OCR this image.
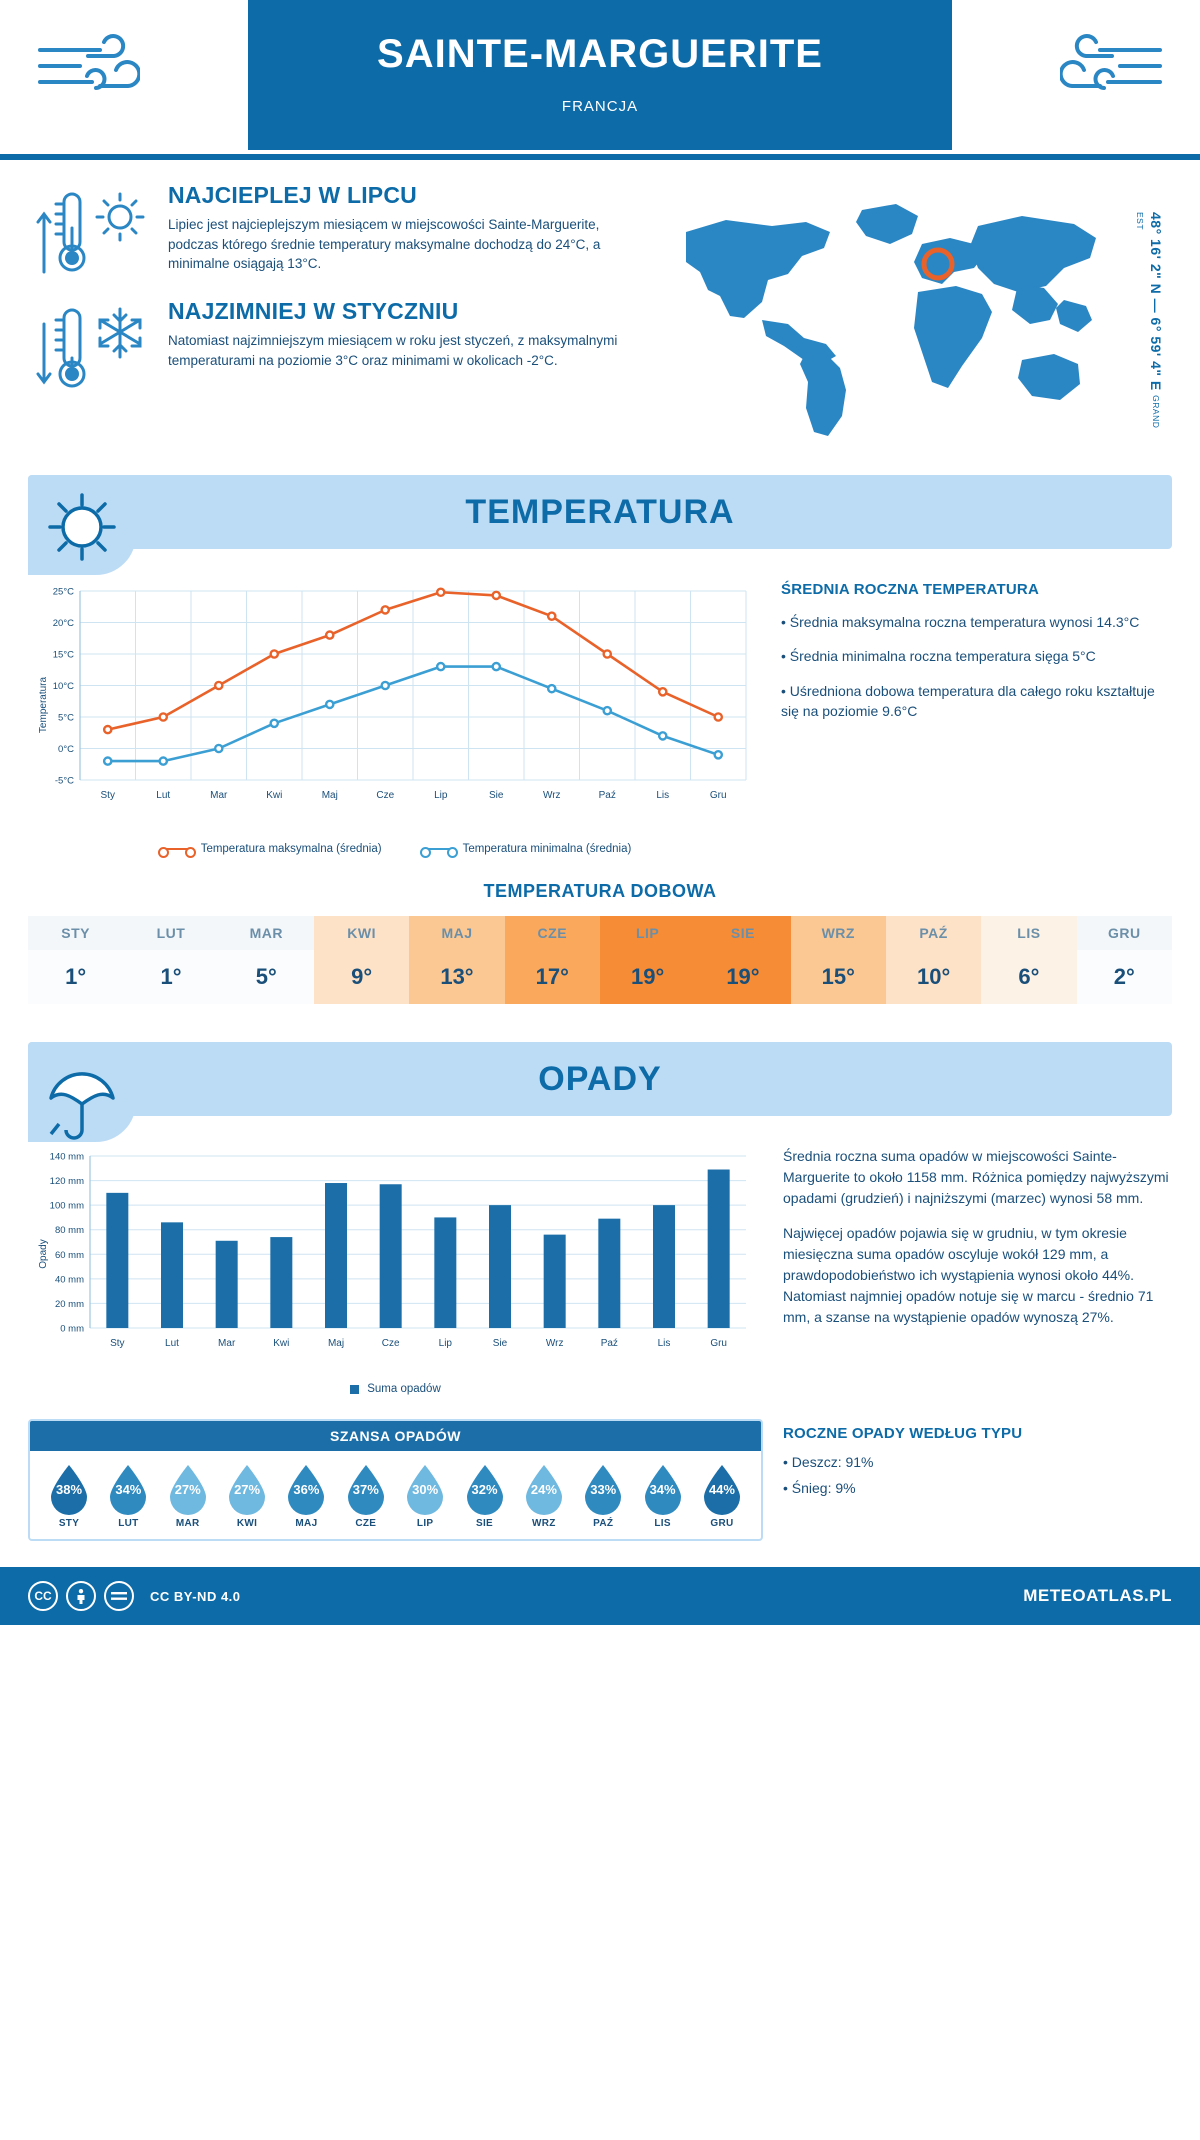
SAINTE-MARGUERITE
FRANCJA
NAJCIEPLEJ W LIPCU
Lipiec jest najcieplejszym miesiącem w miejscowości Sainte-Marguerite, podczas którego średnie temperatury maksymalne dochodzą do 24°C, a minimalne osiągają 13°C.
NAJZIMNIEJ W STYCZNIU
Natomiast najzimniejszym miesiącem w roku jest styczeń, z maksymalnymi temperaturami na poziomie 3°C oraz minimami w okolicach -2°C.	48° 16' 2" N — 6° 59' 4" E GRAND EST
TEMPERATURA
Temperatura
-5°C
0°C
5°C
10°C
15°C
20°C
25°C
Sty	Lut	Mar	Kwi	Maj	Cze	Lip	Sie	Wrz	Paź	Lis	Gru
Temperatura maksymalna (średnia)	Temperatura minimalna (średnia)
ŚREDNIA ROCZNA TEMPERATURA
• Średnia maksymalna roczna temperatura wynosi 14.3°C
• Średnia minimalna roczna temperatura sięga 5°C
• Uśredniona dobowa temperatura dla całego roku kształtuje się na poziomie 9.6°C
TEMPERATURA DOBOWA
STY	LUT	MAR	KWI	MAJ	CZE	LIP	SIE	WRZ	PAŹ	LIS	GRU
1°	1°	5°	9°	13°	17°	19°	19°	15°	10°	6°	2°
OPADY
Opady
0 mm
20 mm
40 mm
60 mm
80 mm
100 mm
120 mm
140 mm
Sty	Lut	Mar	Kwi	Maj	Cze	Lip	Sie	Wrz	Paź	Lis	Gru
Suma opadów

Średnia roczna suma opadów w miejscowości Sainte-Marguerite to około 1158 mm. Różnica pomiędzy najwyższymi opadami (grudzień) i najniższymi (marzec) wynosi 58 mm.

Najwięcej opadów pojawia się w grudniu, w tym okresie miesięczna suma opadów oscyluje wokół 129 mm, a prawdopodobieństwo ich wystąpienia wynosi około 44%. Natomiast najmniej opadów notuje się w marcu - średnio 71 mm, a szanse na wystąpienie opadów wynoszą 27%.

SZANSA OPADÓW
38%
STY
34%
LUT
27%
MAR
27%
KWI
36%
MAJ
37%
CZE
30%
LIP
32%
SIE
24%
WRZ
33%
PAŹ
34%
LIS
44%
GRU
ROCZNE OPADY WEDŁUG TYPU
• Deszcz: 91%
• Śnieg: 9%
CC	CC BY-ND 4.0	METEOATLAS.PL
